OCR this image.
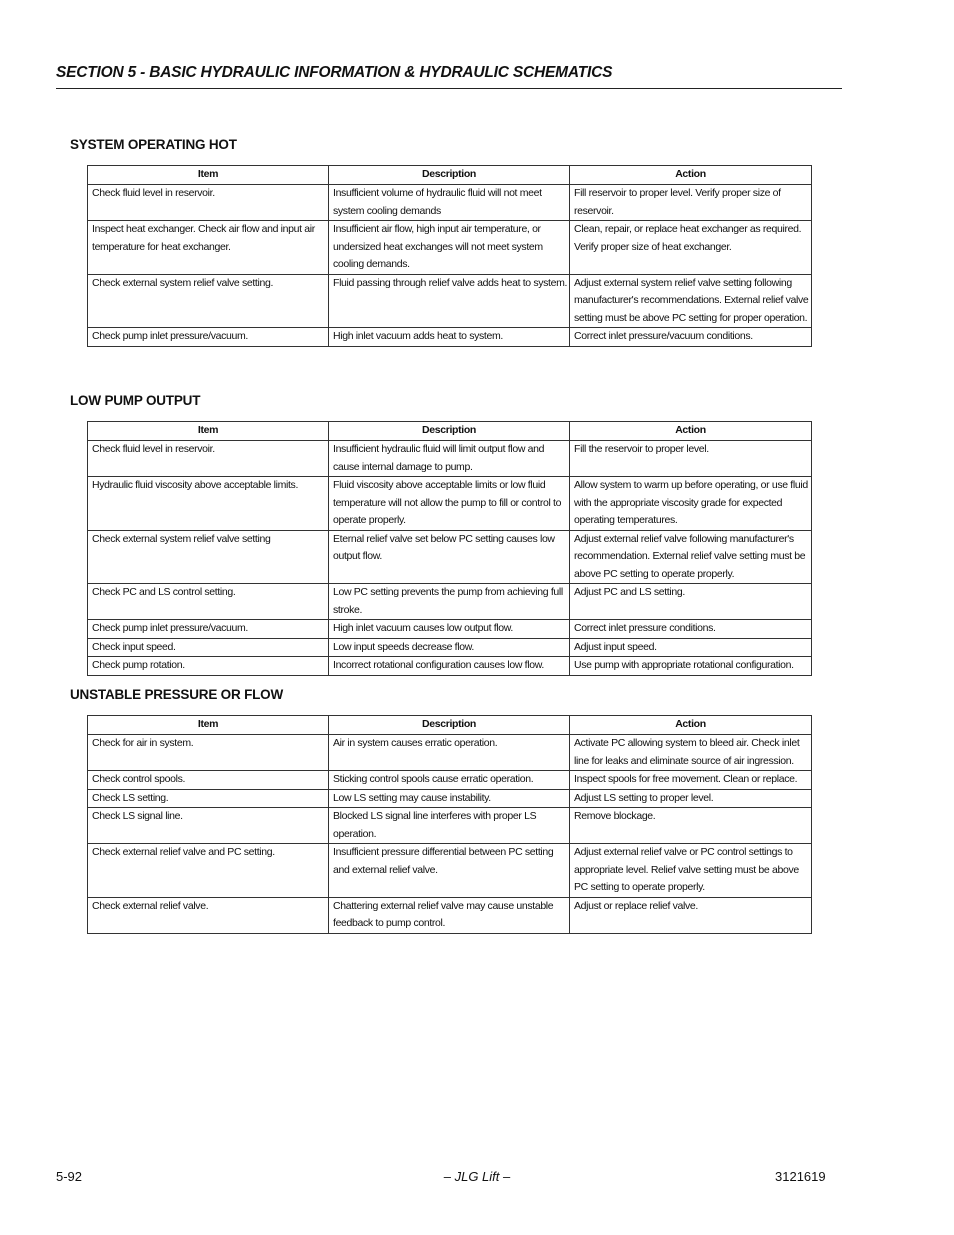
SECTION 5 - BASIC HYDRAULIC INFORMATION & HYDRAULIC SCHEMATICS
SYSTEM OPERATING HOT
Item	Description	Action
Check fluid level in reservoir.	Insufficient volume of hydraulic fluid will not meet system cooling demands	Fill reservoir to proper level. Verify proper size of reservoir.
Inspect heat exchanger. Check air flow and input air temperature for heat exchanger.	Insufficient air flow, high input air temperature, or undersized heat exchanges will not meet system cooling demands.	Clean, repair, or replace heat exchanger as required. Verify proper size of heat exchanger.
Check external system relief valve setting.	Fluid passing through relief valve adds heat to system.	Adjust external system relief valve setting following manufacturer's recommendations. External relief valve setting must be above PC setting for proper operation.
Check pump inlet pressure/vacuum.	High inlet vacuum adds heat to system.	Correct inlet pressure/vacuum conditions.
LOW PUMP OUTPUT
Item	Description	Action
Check fluid level in reservoir.	Insufficient hydraulic fluid will limit output flow and cause internal damage to pump.	Fill the reservoir to proper level.
Hydraulic fluid viscosity above acceptable limits.	Fluid viscosity above acceptable limits or low fluid temperature will not allow the pump to fill or control to operate properly.	Allow system to warm up before operating, or use fluid with the appropriate viscosity grade for expected operating temperatures.
Check external system relief valve setting	Eternal relief valve set below PC setting causes low output flow.	Adjust external relief valve following manufacturer's recommendation. External relief valve setting must be above PC setting to operate properly.
Check PC and LS control setting.	Low PC setting prevents the pump from achieving full stroke.	Adjust PC and LS setting.
Check pump inlet pressure/vacuum.	High inlet vacuum causes low output flow.	Correct inlet pressure conditions.
Check input speed.	Low input speeds decrease flow.	Adjust input speed.
Check pump rotation.	Incorrect rotational configuration causes low flow.	Use pump with appropriate rotational configuration.
UNSTABLE PRESSURE OR FLOW
Item	Description	Action
Check for air in system.	Air in system causes erratic operation.	Activate PC allowing system to bleed air. Check inlet line for leaks and eliminate source of air ingression.
Check control spools.	Sticking control spools cause erratic operation.	Inspect spools for free movement. Clean or replace.
Check LS setting.	Low LS setting may cause instability.	Adjust LS setting to proper level.
Check LS signal line.	Blocked LS signal line interferes with proper LS operation.	Remove blockage.
Check external relief valve and PC setting.	Insufficient pressure differential between PC setting and external relief valve.	Adjust external relief valve or PC control settings to appropriate level. Relief valve setting must be above PC setting to operate properly.
Check external relief valve.	Chattering external relief valve may cause unstable feedback to pump control.	Adjust or replace relief valve.
5-92	– JLG Lift –	3121619
